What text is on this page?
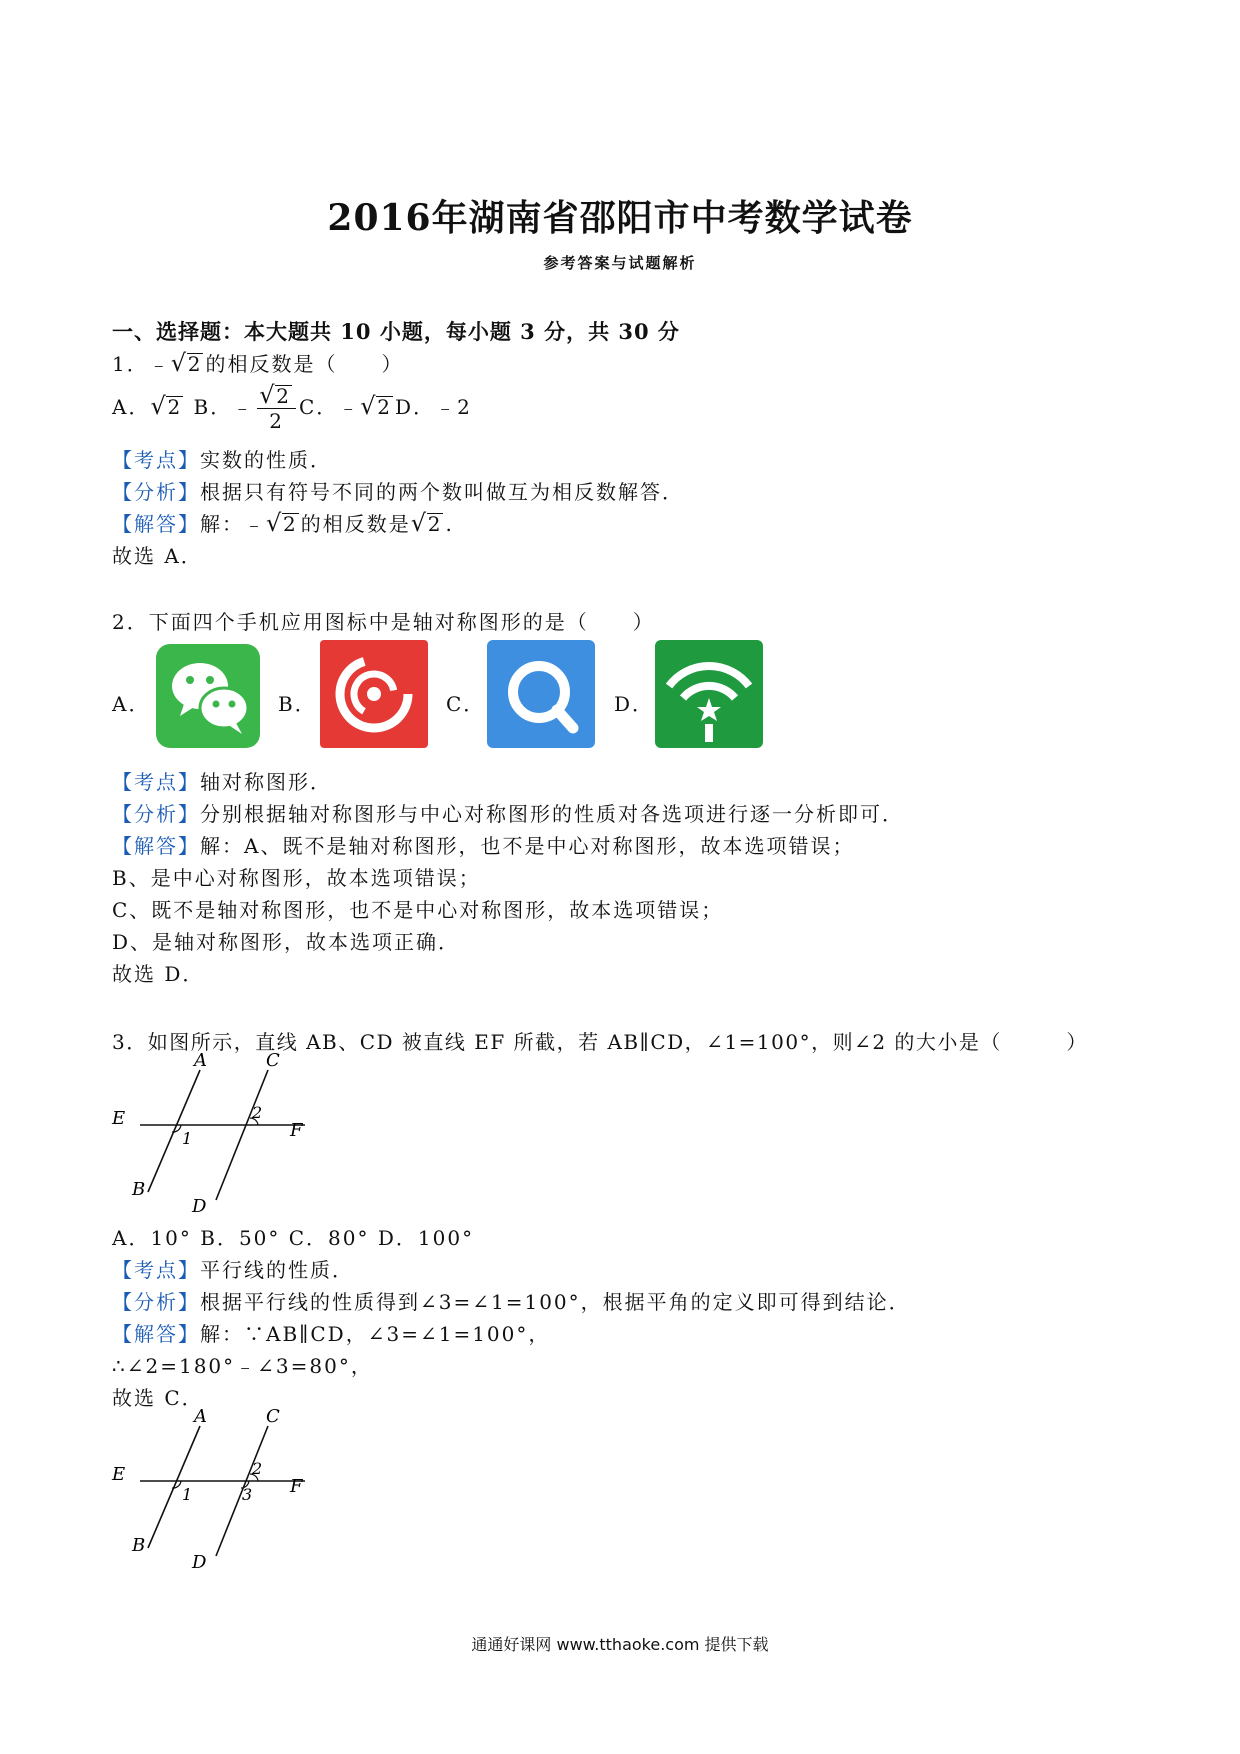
2016年湖南省邵阳市中考数学试卷
参考答案与试题解析
一、选择题：本大题共 10 小题，每小题 3 分，共 30 分
1．﹣ √ 2 的相反数是（　　）
A． √ 2 B．﹣ √ $\frac{2}{2}$ C．﹣ √ 2 D．﹣2
【考点】实数的性质．
【分析】根据只有符号不同的两个数叫做互为相反数解答．
【解答】解：﹣ √ 2 的相反数是 √ 2 .
故选 A．
2．下面四个手机应用图标中是轴对称图形的是（　　）
A．	B．	C．	D．
【考点】轴对称图形．
【分析】分别根据轴对称图形与中心对称图形的性质对各选项进行逐一分析即可．
【解答】解：A、既不是轴对称图形，也不是中心对称图形，故本选项错误；
B、是中心对称图形，故本选项错误；
C、既不是轴对称图形，也不是中心对称图形，故本选项错误；
D、是轴对称图形，故本选项正确．
故选 D．
3．如图所示，直线 AB、CD 被直线 EF 所截，若 AB∥CD，∠1=100°，则∠2 的大小是（　　　）
A	C
E
F
1
2
B
D
A．10° B．50° C．80° D．100°
【考点】平行线的性质．
【分析】根据平行线的性质得到∠3=∠1=100°，根据平角的定义即可得到结论．
【解答】解：∵AB∥CD，∠3=∠1=100°，
∴∠2=180°﹣∠3=80°，
故选 C．
A	C
E
F
1
2
3
B
D
通通好课网 www.tthaoke.com 提供下载
